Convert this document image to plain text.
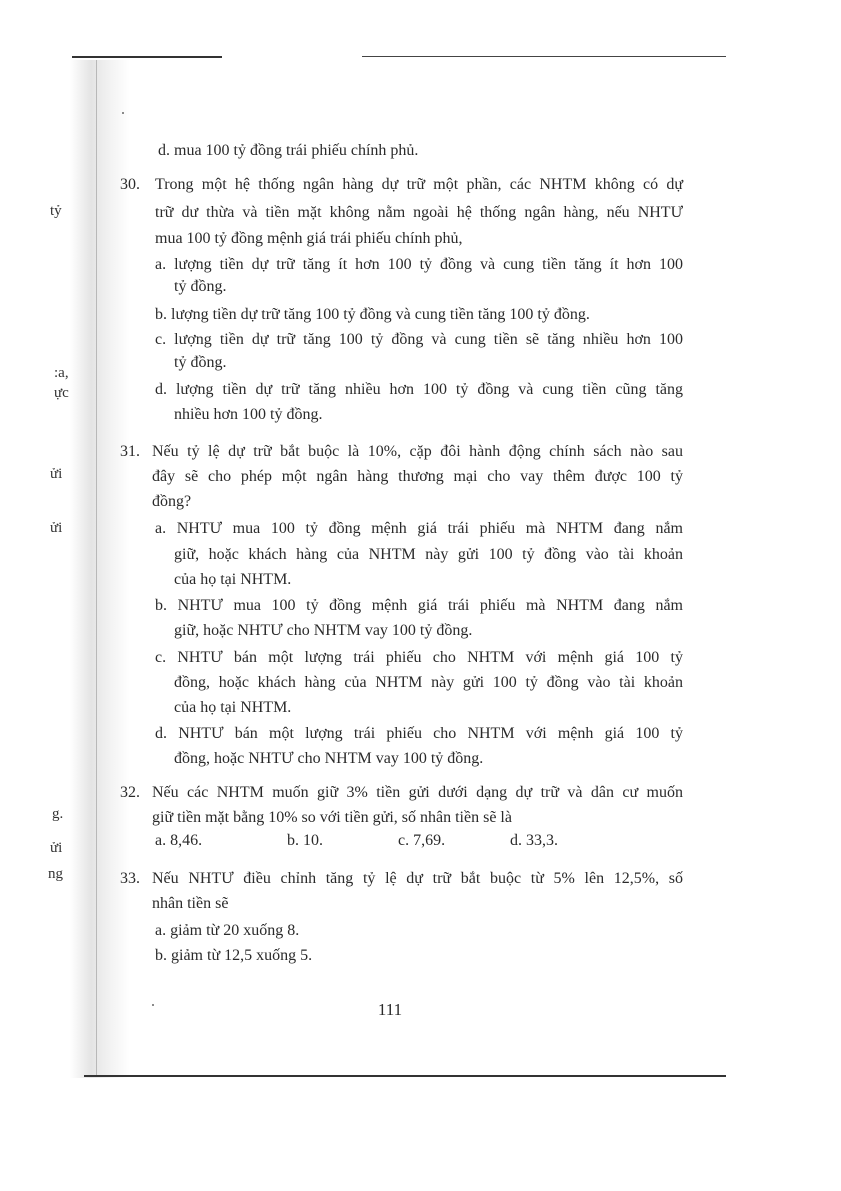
tỷ
:a,
ực
ửi
ửi
g.
ửi
ng
d. mua 100 tỷ đồng trái phiếu chính phủ.
30. Trong một hệ thống ngân hàng dự trữ một phần, các NHTM không có dự
trữ dư thừa và tiền mặt không nằm ngoài hệ thống ngân hàng, nếu NHTƯ
mua 100 tỷ đồng mệnh giá trái phiếu chính phủ,
a. lượng tiền dự trữ tăng ít hơn 100 tỷ đồng và cung tiền tăng ít hơn 100
tỷ đồng.
b. lượng tiền dự trữ tăng 100 tỷ đồng và cung tiền tăng 100 tỷ đồng.
c. lượng tiền dự trữ tăng 100 tỷ đồng và cung tiền sẽ tăng nhiều hơn 100
tỷ đồng.
d. lượng tiền dự trữ tăng nhiều hơn 100 tỷ đồng và cung tiền cũng tăng
nhiều hơn 100 tỷ đồng.
31. Nếu tỷ lệ dự trữ bắt buộc là 10%, cặp đôi hành động chính sách nào sau
đây sẽ cho phép một ngân hàng thương mại cho vay thêm được 100 tỷ
đồng?
a. NHTƯ mua 100 tỷ đồng mệnh giá trái phiếu mà NHTM đang nắm
giữ, hoặc khách hàng của NHTM này gửi 100 tỷ đồng vào tài khoản
của họ tại NHTM.
b. NHTƯ mua 100 tỷ đồng mệnh giá trái phiếu mà NHTM đang nắm
giữ, hoặc NHTƯ cho NHTM vay 100 tỷ đồng.
c. NHTƯ bán một lượng trái phiếu cho NHTM với mệnh giá 100 tỷ
đồng, hoặc khách hàng của NHTM này gửi 100 tỷ đồng vào tài khoản
của họ tại NHTM.
d. NHTƯ bán một lượng trái phiếu cho NHTM với mệnh giá 100 tỷ
đồng, hoặc NHTƯ cho NHTM vay 100 tỷ đồng.
32. Nếu các NHTM muốn giữ 3% tiền gửi dưới dạng dự trữ và dân cư muốn
giữ tiền mặt bằng 10% so với tiền gửi, số nhân tiền sẽ là
a. 8,46.	b. 10.	c. 7,69.	d. 33,3.
33. Nếu NHTƯ điều chỉnh tăng tỷ lệ dự trữ bắt buộc từ 5% lên 12,5%, số
nhân tiền sẽ
a. giảm từ 20 xuống 8.
b. giảm từ 12,5 xuống 5.
111
